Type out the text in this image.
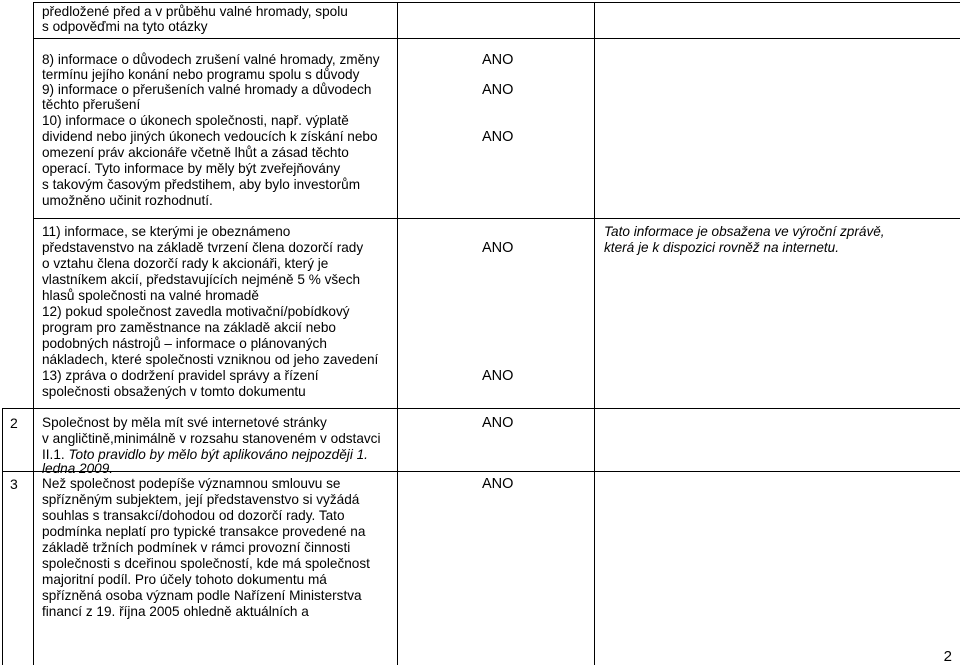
předložené před a v průběhu valné hromady, spolu
s odpověďmi na tyto otázky
8) informace o důvodech zrušení valné hromady, změny
termínu jejího konání nebo programu spolu s důvody
9) informace o přerušeních valné hromady a důvodech
těchto přerušení
10) informace o úkonech společnosti, např. výplatě
dividend nebo jiných úkonech vedoucích k získání nebo
omezení práv akcionáře včetně lhůt a zásad těchto
operací. Tyto informace by měly být zveřejňovány
s takovým časovým předstihem, aby bylo investorům
umožněno učinit rozhodnutí.
ANO
ANO
ANO
11) informace, se kterými je obeznámeno
představenstvo na základě tvrzení člena dozorčí rady
o vztahu člena dozorčí rady k akcionáři, který je
vlastníkem akcií, představujících nejméně 5 % všech
hlasů společnosti na valné hromadě
12) pokud společnost zavedla motivační/pobídkový
program pro zaměstnance na základě akcií nebo
podobných nástrojů – informace o plánovaných
nákladech, které společnosti vzniknou od jeho zavedení
13) zpráva o dodržení pravidel správy a řízení
společnosti obsažených v tomto dokumentu
ANO
ANO
Tato informace je obsažena ve výroční zprávě,
která je k dispozici rovněž na internetu.
2 Společnost by měla mít své internetové stránky
v angličtině,minimálně v rozsahu stanoveném v odstavci
II.1. Toto pravidlo by mělo být aplikováno nejpozději 1.
ledna 2009.
ANO
3 Než společnost podepíše významnou smlouvu se
spřízněným subjektem, její představenstvo si vyžádá
souhlas s transakcí/dohodou od dozorčí rady. Tato
podmínka neplatí pro typické transakce provedené na
základě tržních podmínek v rámci provozní činnosti
společnosti s dceřinou společností, kde má společnost
majoritní podíl. Pro účely tohoto dokumentu má
spřízněná osoba význam podle Nařízení Ministerstva
financí z 19. října 2005 ohledně aktuálních a
ANO
2
